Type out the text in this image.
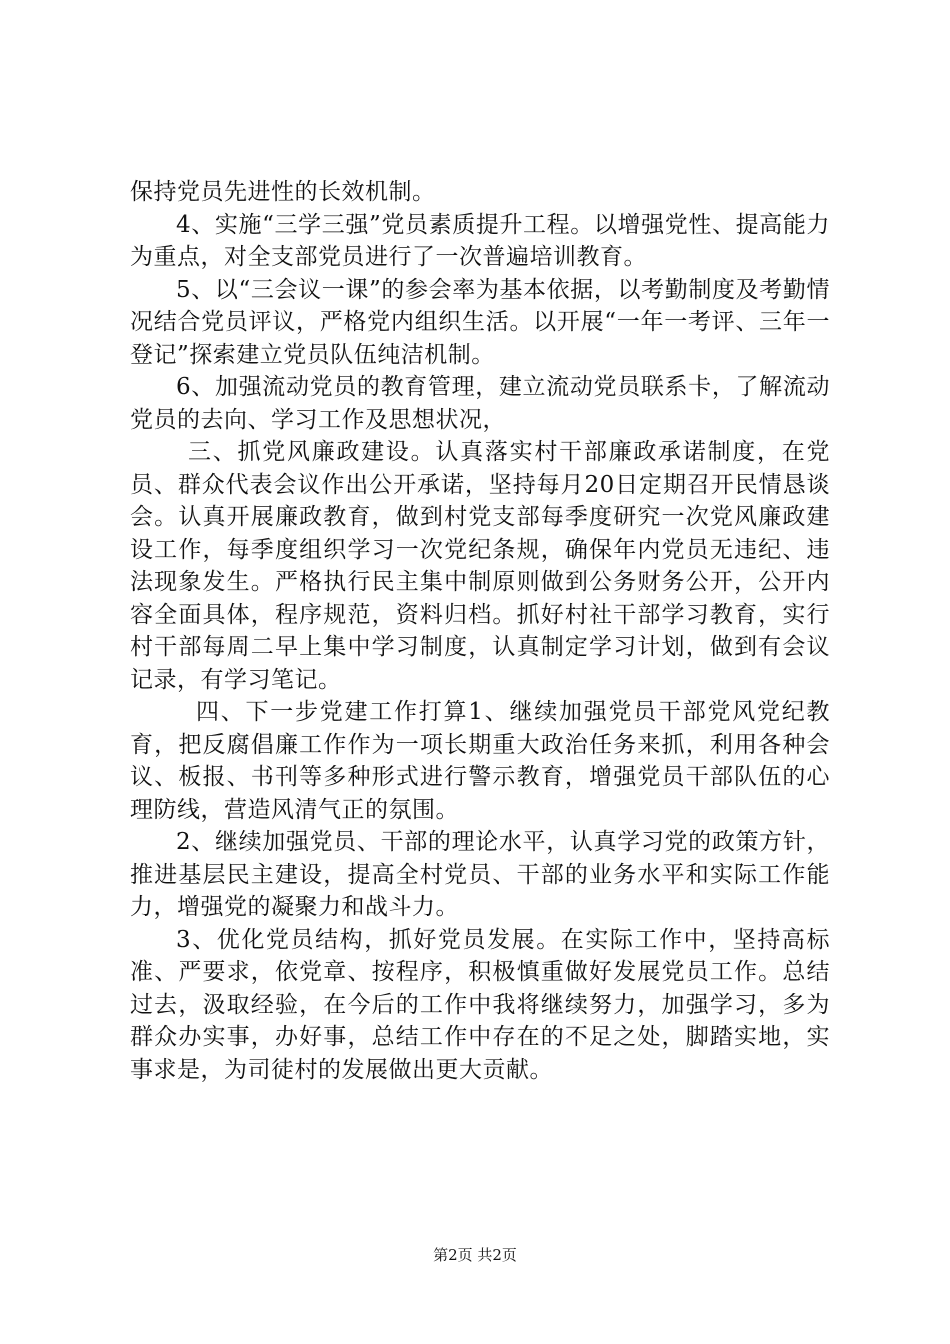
保持党员先进性的长效机制。

4、实施“三学三强”党员素质提升工程。以增强党性、提高能力为重点，对全支部党员进行了一次普遍培训教育。

5、以“三会议一课”的参会率为基本依据，以考勤制度及考勤情况结合党员评议，严格党内组织生活。以开展“一年一考评、三年一登记”探索建立党员队伍纯洁机制。

6、加强流动党员的教育管理，建立流动党员联系卡，了解流动党员的去向、学习工作及思想状况，

三、抓党风廉政建设。认真落实村干部廉政承诺制度，在党员、群众代表会议作出公开承诺，坚持每月20日定期召开民情恳谈会。认真开展廉政教育，做到村党支部每季度研究一次党风廉政建设工作，每季度组织学习一次党纪条规，确保年内党员无违纪、违法现象发生。严格执行民主集中制原则做到公务财务公开，公开内容全面具体，程序规范，资料归档。抓好村社干部学习教育，实行村干部每周二早上集中学习制度，认真制定学习计划，做到有会议记录，有学习笔记。

四、下一步党建工作打算1、继续加强党员干部党风党纪教育，把反腐倡廉工作作为一项长期重大政治任务来抓，利用各种会议、板报、书刊等多种形式进行警示教育，增强党员干部队伍的心理防线，营造风清气正的氛围。

2、继续加强党员、干部的理论水平，认真学习党的政策方针，推进基层民主建设，提高全村党员、干部的业务水平和实际工作能力，增强党的凝聚力和战斗力。

3、优化党员结构，抓好党员发展。在实际工作中，坚持高标准、严要求，依党章、按程序，积极慎重做好发展党员工作。总结过去，汲取经验，在今后的工作中我将继续努力，加强学习，多为群众办实事，办好事，总结工作中存在的不足之处，脚踏实地，实事求是，为司徒村的发展做出更大贡献。

第2页 共2页
